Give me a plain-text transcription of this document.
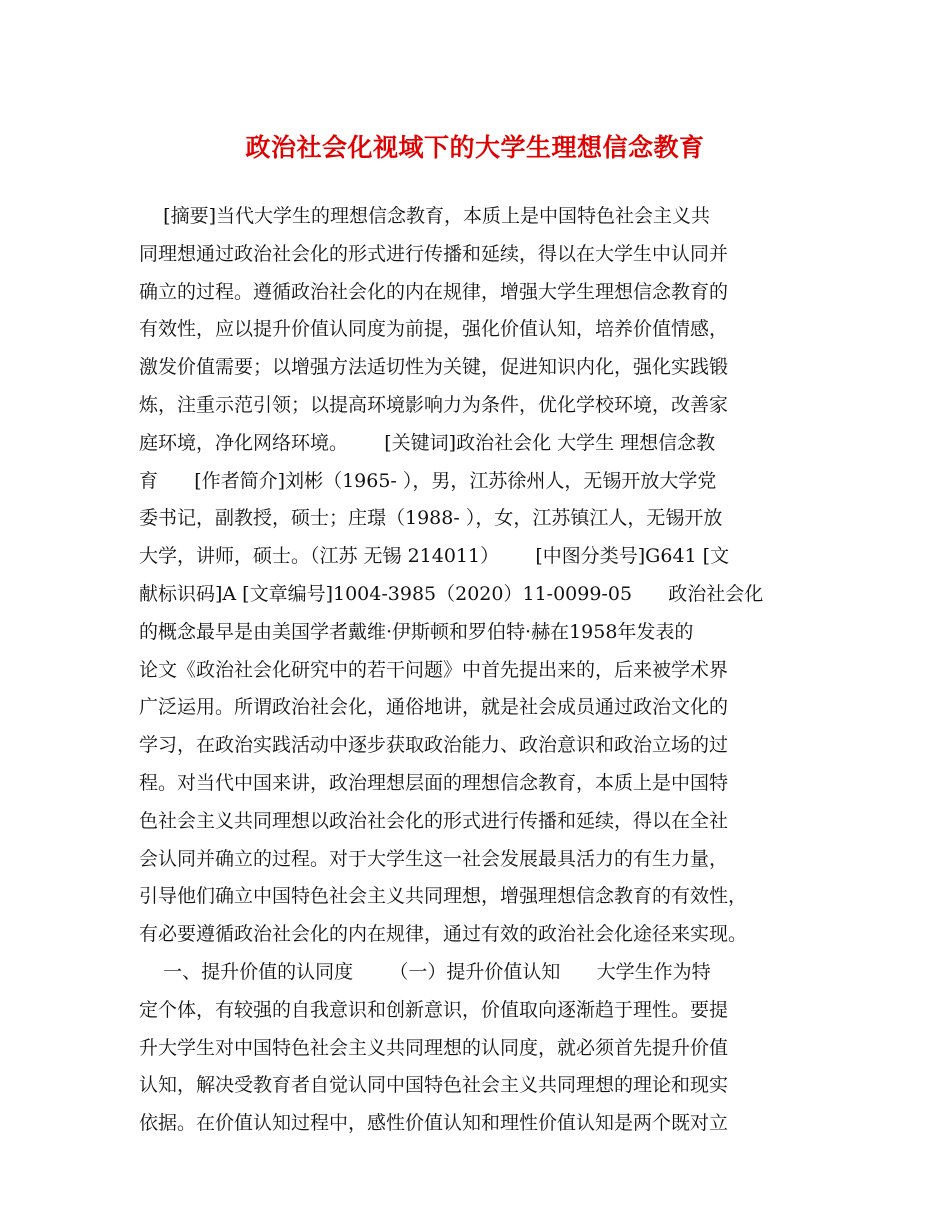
政治社会化视域下的大学生理想信念教育
[摘要]当代大学生的理想信念教育，本质上是中国特色社会主义共
同理想通过政治社会化的形式进行传播和延续，得以在大学生中认同并
确立的过程。遵循政治社会化的内在规律，增强大学生理想信念教育的
有效性，应以提升价值认同度为前提，强化价值认知，培养价值情感，
激发价值需要；以增强方法适切性为关键，促进知识内化，强化实践锻
炼，注重示范引领；以提高环境影响力为条件，优化学校环境，改善家
庭环境，净化网络环境。      [关键词]政治社会化 大学生 理想信念教
育      [作者简介]刘彬（1965- ），男，江苏徐州人，无锡开放大学党
委书记，副教授，硕士；庄璟（1988- ），女，江苏镇江人，无锡开放
大学，讲师，硕士。（江苏 无锡 214011）      [中图分类号]G641 [文
献标识码]A [文章编号]1004-3985（2020）11-0099-05      政治社会化
的概念最早是由美国学者戴维·伊斯顿和罗伯特·赫在1958年发表的
论文《政治社会化研究中的若干问题》中首先提出来的，后来被学术界
广泛运用。所谓政治社会化，通俗地讲，就是社会成员通过政治文化的
学习，在政治实践活动中逐步获取政治能力、政治意识和政治立场的过
程。对当代中国来讲，政治理想层面的理想信念教育，本质上是中国特
色社会主义共同理想以政治社会化的形式进行传播和延续，得以在全社
会认同并确立的过程。对于大学生这一社会发展最具活力的有生力量，
引导他们确立中国特色社会主义共同理想，增强理想信念教育的有效性，
有必要遵循政治社会化的内在规律，通过有效的政治社会化途径来实现。
一、提升价值的认同度      （一）提升价值认知      大学生作为特
定个体，有较强的自我意识和创新意识，价值取向逐渐趋于理性。要提
升大学生对中国特色社会主义共同理想的认同度，就必须首先提升价值
认知，解决受教育者自觉认同中国特色社会主义共同理想的理论和现实
依据。在价值认知过程中，感性价值认知和理性价值认知是两个既对立
